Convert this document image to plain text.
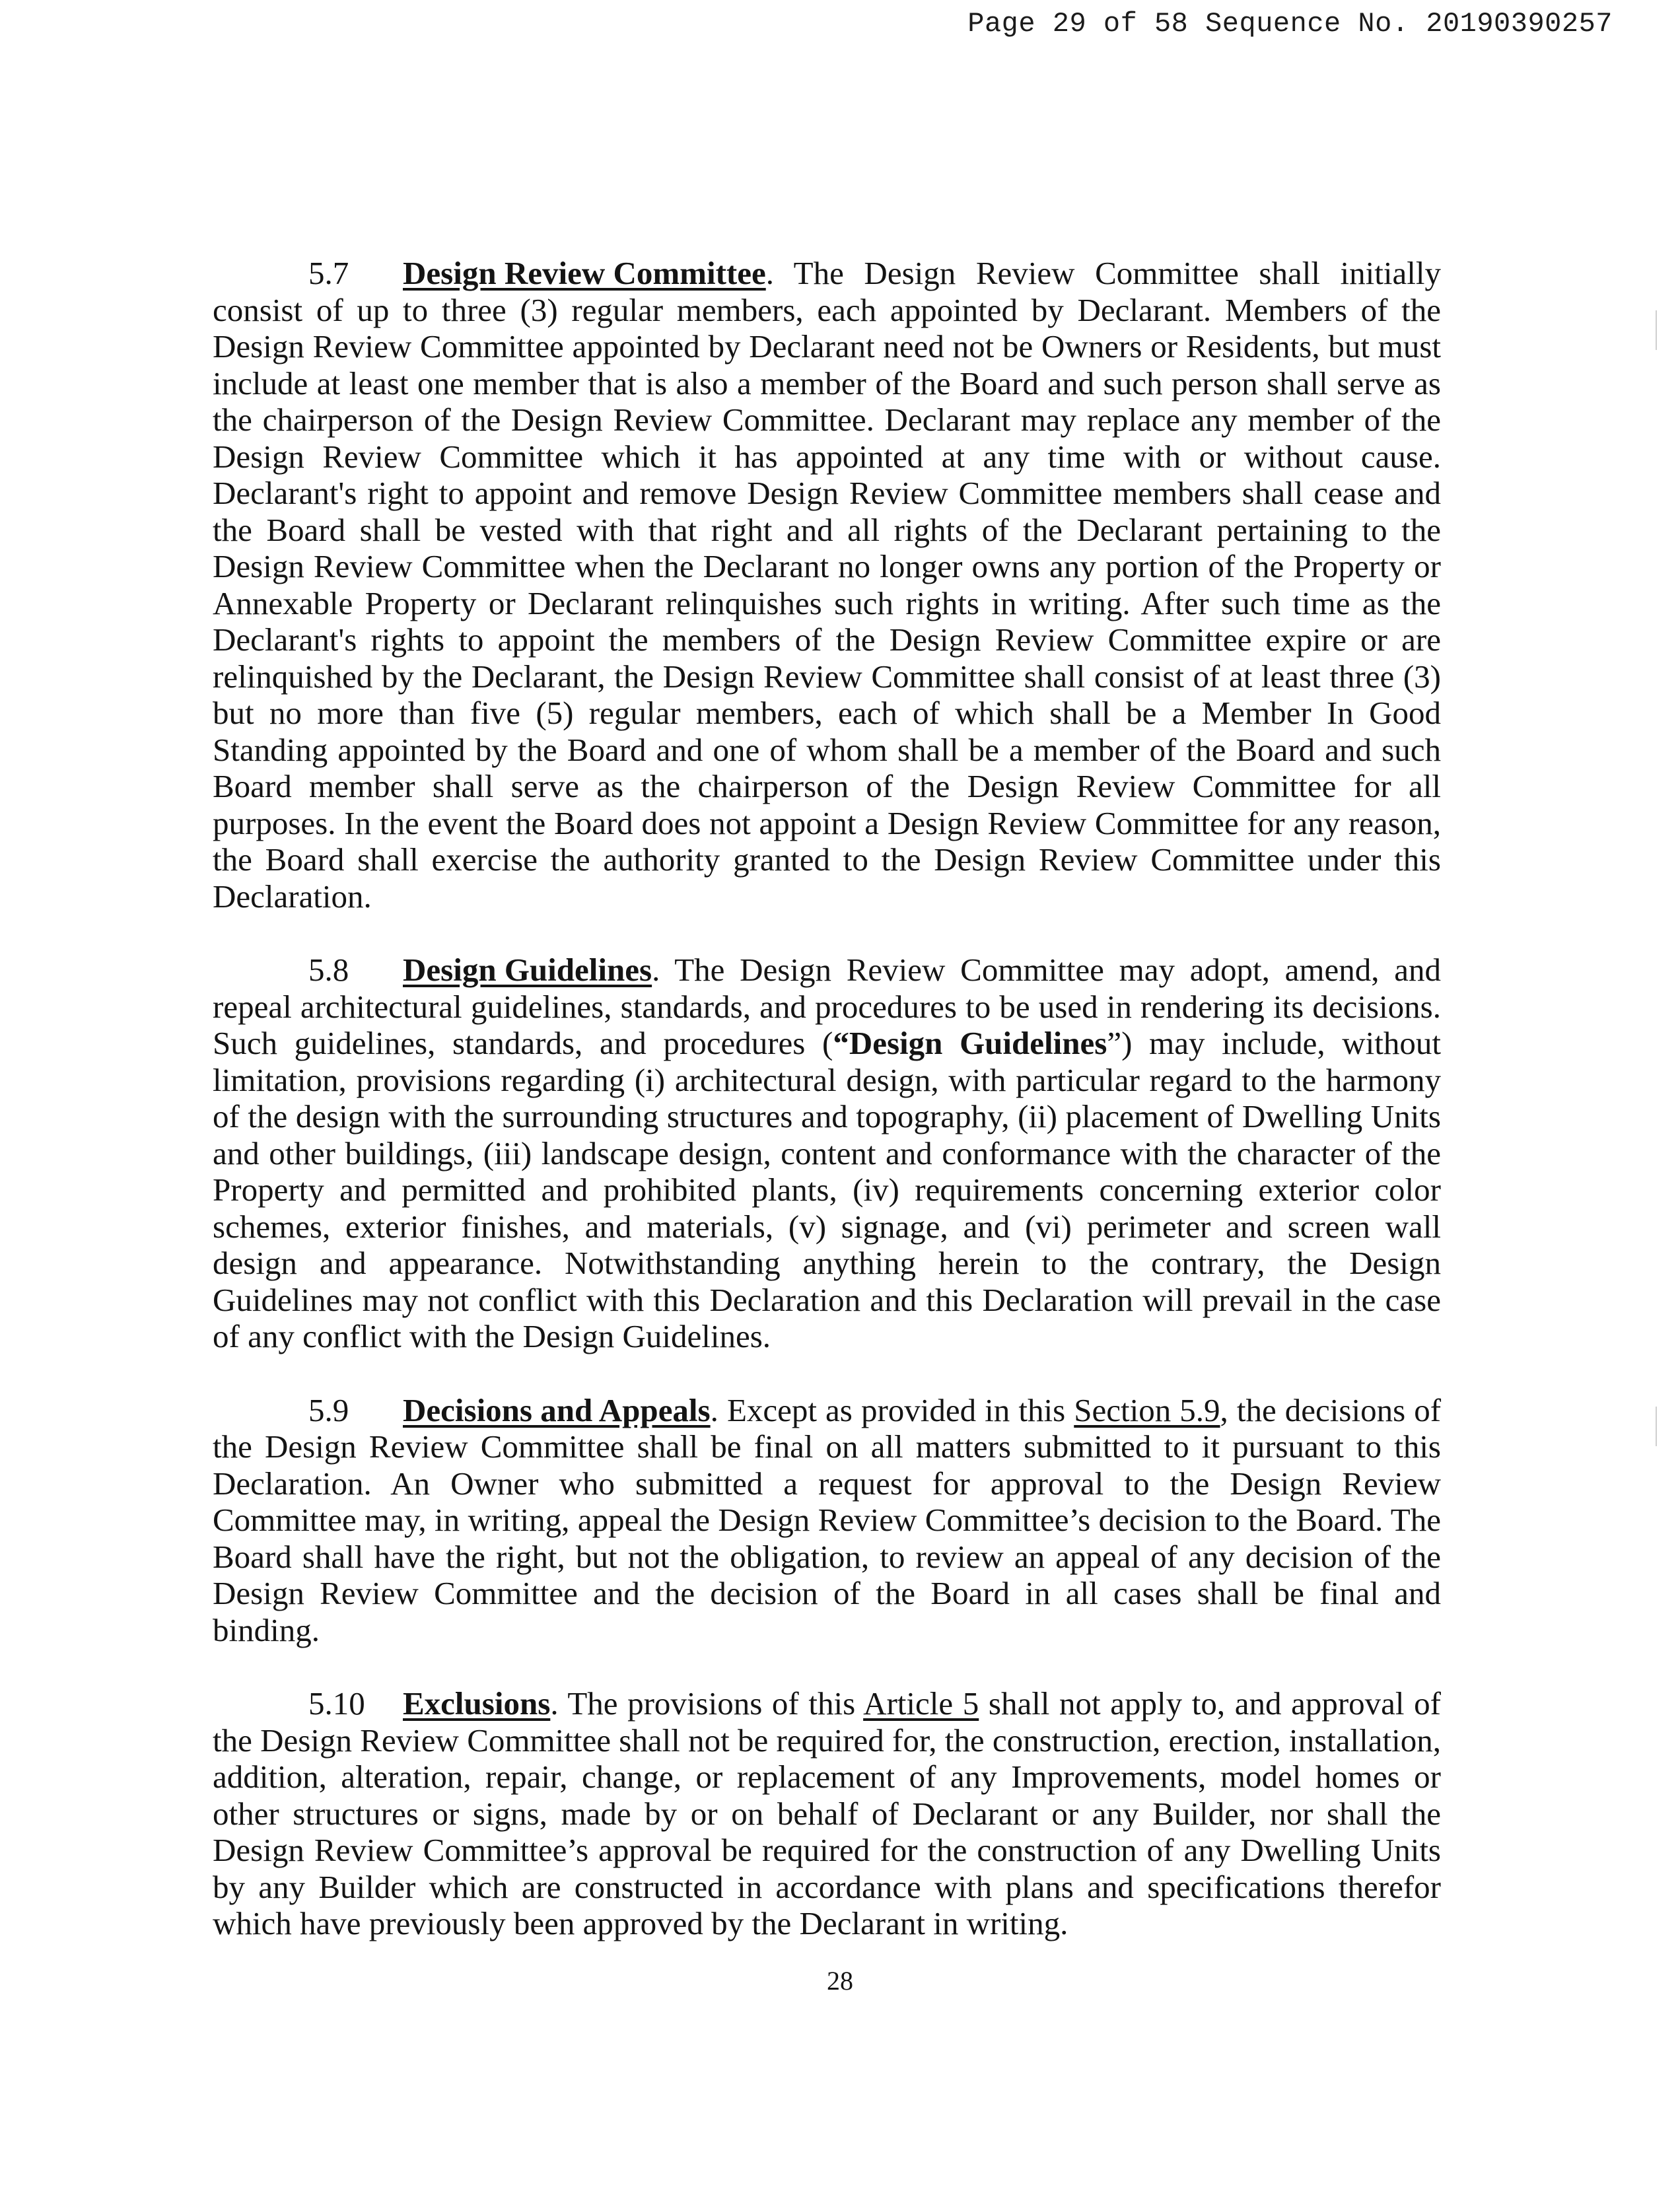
Page 29 of 58 Sequence No. 20190390257

5.7 Design Review Committee. The Design Review Committee shall initially consist of up to three (3) regular members, each appointed by Declarant. Members of the Design Review Committee appointed by Declarant need not be Owners or Residents, but must include at least one member that is also a member of the Board and such person shall serve as the chairperson of the Design Review Committee. Declarant may replace any member of the Design Review Committee which it has appointed at any time with or without cause. Declarant's right to appoint and remove Design Review Committee members shall cease and the Board shall be vested with that right and all rights of the Declarant pertaining to the Design Review Committee when the Declarant no longer owns any portion of the Property or Annexable Property or Declarant relinquishes such rights in writing. After such time as the Declarant's rights to appoint the members of the Design Review Committee expire or are relinquished by the Declarant, the Design Review Committee shall consist of at least three (3) but no more than five (5) regular members, each of which shall be a Member In Good Standing appointed by the Board and one of whom shall be a member of the Board and such Board member shall serve as the chairperson of the Design Review Committee for all purposes. In the event the Board does not appoint a Design Review Committee for any reason, the Board shall exercise the authority granted to the Design Review Committee under this Declaration.

5.8 Design Guidelines. The Design Review Committee may adopt, amend, and repeal architectural guidelines, standards, and procedures to be used in rendering its decisions. Such guidelines, standards, and procedures (“Design Guidelines”) may include, without limitation, provisions regarding (i) architectural design, with particular regard to the harmony of the design with the surrounding structures and topography, (ii) placement of Dwelling Units and other buildings, (iii) landscape design, content and conformance with the character of the Property and permitted and prohibited plants, (iv) requirements concerning exterior color schemes, exterior finishes, and materials, (v) signage, and (vi) perimeter and screen wall design and appearance. Notwithstanding anything herein to the contrary, the Design Guidelines may not conflict with this Declaration and this Declaration will prevail in the case of any conflict with the Design Guidelines.

5.9 Decisions and Appeals. Except as provided in this Section 5.9, the decisions of the Design Review Committee shall be final on all matters submitted to it pursuant to this Declaration. An Owner who submitted a request for approval to the Design Review Committee may, in writing, appeal the Design Review Committee’s decision to the Board. The Board shall have the right, but not the obligation, to review an appeal of any decision of the Design Review Committee and the decision of the Board in all cases shall be final and binding.

5.10 Exclusions. The provisions of this Article 5 shall not apply to, and approval of the Design Review Committee shall not be required for, the construction, erection, installation, addition, alteration, repair, change, or replacement of any Improvements, model homes or other structures or signs, made by or on behalf of Declarant or any Builder, nor shall the Design Review Committee’s approval be required for the construction of any Dwelling Units by any Builder which are constructed in accordance with plans and specifications therefor which have previously been approved by the Declarant in writing.

28
